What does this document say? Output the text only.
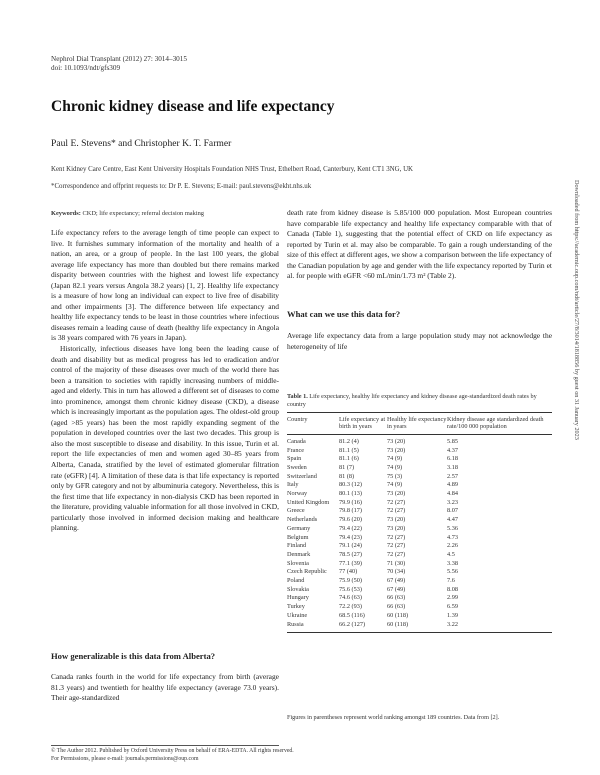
Nephrol Dial Transplant (2012) 27: 3014–3015
doi: 10.1093/ndt/gfs309
Chronic kidney disease and life expectancy
Paul E. Stevens* and Christopher K. T. Farmer
Kent Kidney Care Centre, East Kent University Hospitals Foundation NHS Trust, Ethelbert Road, Canterbury, Kent CT1 3NG, UK
*Correspondence and offprint requests to: Dr P. E. Stevens; E-mail: paul.stevens@ekht.nhs.uk
Keywords: CKD; life expectancy; referral decision making

Life expectancy refers to the average length of time people can expect to live. It furnishes summary information of the mortality and health of a nation, an area, or a group of people. In the last 100 years, the global average life expectancy has more than doubled but there remains marked disparity between countries with the highest and lowest life expectancy (Japan 82.1 years versus Angola 38.2 years) [1, 2]. Healthy life expectancy is a measure of how long an individual can expect to live free of disability and other impairments [3]. The difference between life expectancy and healthy life expectancy tends to be least in those countries where infectious diseases remain a leading cause of death (healthy life expectancy in Angola is 38 years compared with 76 years in Japan).

Historically, infectious diseases have long been the leading cause of death and disability but as medical progress has led to eradication and/or control of the majority of these diseases over much of the world there has been a transition to societies with rapidly increasing numbers of middle-aged and elderly. This in turn has allowed a different set of diseases to come into prominence, amongst them chronic kidney disease (CKD), a disease which is increasingly important as the population ages. The oldest-old group (aged >85 years) has been the most rapidly expanding segment of the population in developed countries over the last two decades. This group is also the most susceptible to disease and disability. In this issue, Turin et al. report the life expectancies of men and women aged 30–85 years from Alberta, Canada, stratified by the level of estimated glomerular filtration rate (eGFR) [4]. A limitation of these data is that life expectancy is reported only by GFR category and not by albuminuria category. Nevertheless, this is the first time that life expectancy in non-dialysis CKD has been reported in the literature, providing valuable information for all those involved in CKD, particularly those involved in informed decision making and healthcare planning.

How generalizable is this data from Alberta?

Canada ranks fourth in the world for life expectancy from birth (average 81.3 years) and twentieth for healthy life expectancy (average 73.0 years). Their age-standardized

death rate from kidney disease is 5.85/100 000 population. Most European countries have comparable life expectancy and healthy life expectancy comparable with that of Canada (Table 1), suggesting that the potential effect of CKD on life expectancy as reported by Turin et al. may also be comparable. To gain a rough understanding of the size of this effect at different ages, we show a comparison between the life expectancy of the Canadian population by age and gender with the life expectancy reported by Turin et al. for people with eGFR <60 mL/min/1.73 m² (Table 2).

What can we use this data for?

Average life expectancy data from a large population study may not acknowledge the heterogeneity of life

Table 1. Life expectancy, healthy life expectancy and kidney disease age-standardized death rates by country
Country	Life expectancy at birth in years	Healthy life expectancy in years	Kidney disease age standardized death rate/100 000 population
Canada	81.2 (4)	73 (20)	5.85
France	81.1 (5)	73 (20)	4.37
Spain	81.1 (6)	74 (9)	6.18
Sweden	81 (7)	74 (9)	3.18
Switzerland	81 (8)	75 (3)	2.57
Italy	80.3 (12)	74 (9)	4.89
Norway	80.1 (13)	73 (20)	4.84
United Kingdom	79.9 (16)	72 (27)	3.23
Greece	79.8 (17)	72 (27)	8.07
Netherlands	79.6 (20)	73 (20)	4.47
Germany	79.4 (22)	73 (20)	5.36
Belgium	79.4 (23)	72 (27)	4.73
Finland	79.1 (24)	72 (27)	2.26
Denmark	78.5 (27)	72 (27)	4.5
Slovenia	77.1 (39)	71 (30)	3.38
Czech Republic	77 (40)	70 (34)	5.56
Poland	75.9 (50)	67 (49)	7.6
Slovakia	75.6 (53)	67 (49)	8.08
Hungary	74.6 (63)	66 (63)	2.99
Turkey	72.2 (93)	66 (63)	6.59
Ukraine	68.5 (116)	60 (118)	1.39
Russia	66.2 (127)	60 (118)	3.22
Figures in parentheses represent world ranking amongst 189 countries. Data from [2].
© The Author 2012. Published by Oxford University Press on behalf of ERA-EDTA. All rights reserved.
For Permissions, please e-mail: journals.permissions@oup.com
Downloaded from https://academic.oup.com/ndt/article/27/8/3014/1818856 by guest on 31 January 2023
